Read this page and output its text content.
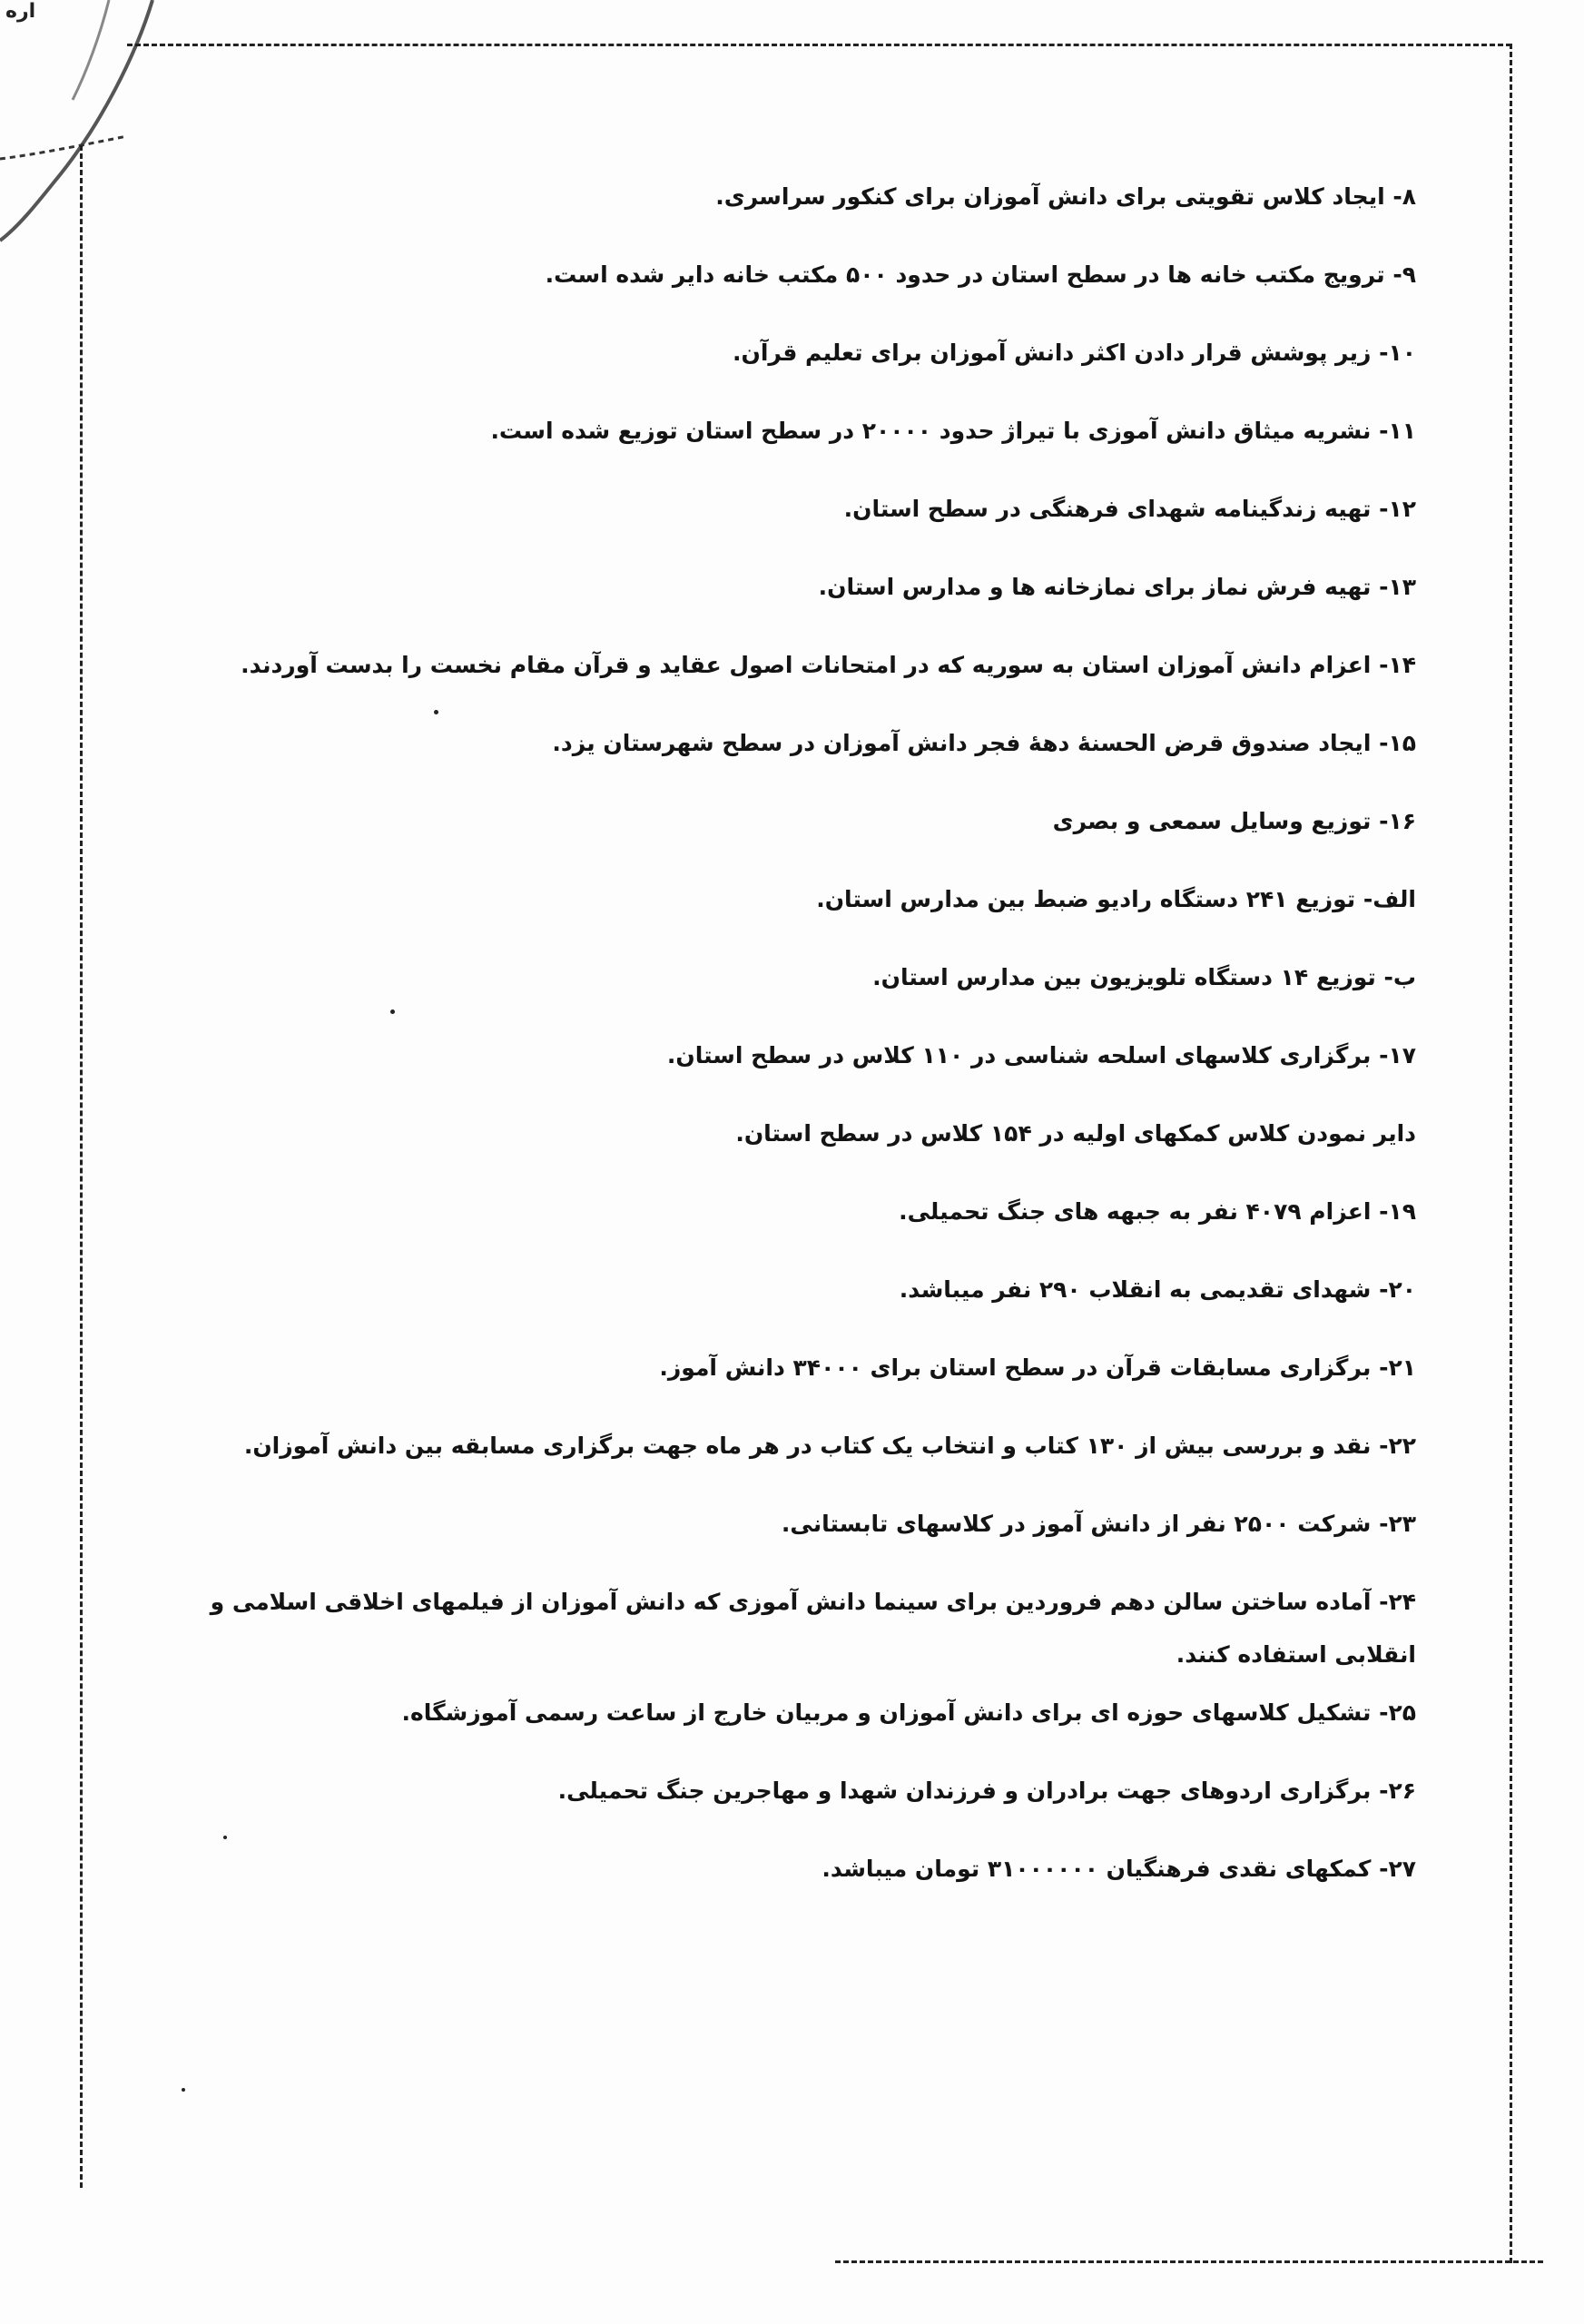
اره
۸- ایجاد کلاس تقویتی برای دانش آموزان برای کنکور سراسری.
۹- ترویج مکتب خانه ها در سطح استان در حدود ۵۰۰ مکتب خانه دایر شده است.
۱۰- زیر پوشش قرار دادن اکثر دانش آموزان برای تعلیم قرآن.
۱۱- نشریه میثاق دانش آموزی با تیراژ حدود ۲۰۰۰۰ در سطح استان توزیع شده است.
۱۲- تهیه زندگینامه شهدای فرهنگی در سطح استان.
۱۳- تهیه فرش نماز برای نمازخانه ها و مدارس استان.
۱۴- اعزام دانش آموزان استان به سوریه که در امتحانات اصول عقاید و قرآن مقام نخست را بدست آوردند.
۱۵- ایجاد صندوق قرض الحسنهٔ دههٔ فجر دانش آموزان در سطح شهرستان یزد.
۱۶- توزیع وسایل سمعی و بصری
الف- توزیع ۲۴۱ دستگاه رادیو ضبط بین مدارس استان.
ب- توزیع ۱۴ دستگاه تلویزیون بین مدارس استان.
۱۷- برگزاری کلاسهای اسلحه شناسی در ۱۱۰ کلاس در سطح استان.
دایر نمودن کلاس کمکهای اولیه در ۱۵۴ کلاس در سطح استان.
۱۹- اعزام ۴۰۷۹ نفر به جبهه های جنگ تحمیلی.
۲۰- شهدای تقدیمی به انقلاب ۲۹۰ نفر میباشد.
۲۱- برگزاری مسابقات قرآن در سطح استان برای ۳۴۰۰۰ دانش آموز.
۲۲- نقد و بررسی بیش از ۱۳۰ کتاب و انتخاب یک کتاب در هر ماه جهت برگزاری مسابقه بین دانش آموزان.
۲۳- شرکت ۲۵۰۰ نفر از دانش آموز در کلاسهای تابستانی.
۲۴- آماده ساختن سالن دهم فروردین برای سینما دانش آموزی که دانش آموزان از فیلمهای اخلاقی اسلامی و انقلابی استفاده کنند.
۲۵- تشکیل کلاسهای حوزه ای برای دانش آموزان و مربیان خارج از ساعت رسمی آموزشگاه.
۲۶- برگزاری اردوهای جهت برادران و فرزندان شهدا و مهاجرین جنگ تحمیلی.
۲۷- کمکهای نقدی فرهنگیان ۳۱۰۰۰۰۰۰ تومان میباشد.
